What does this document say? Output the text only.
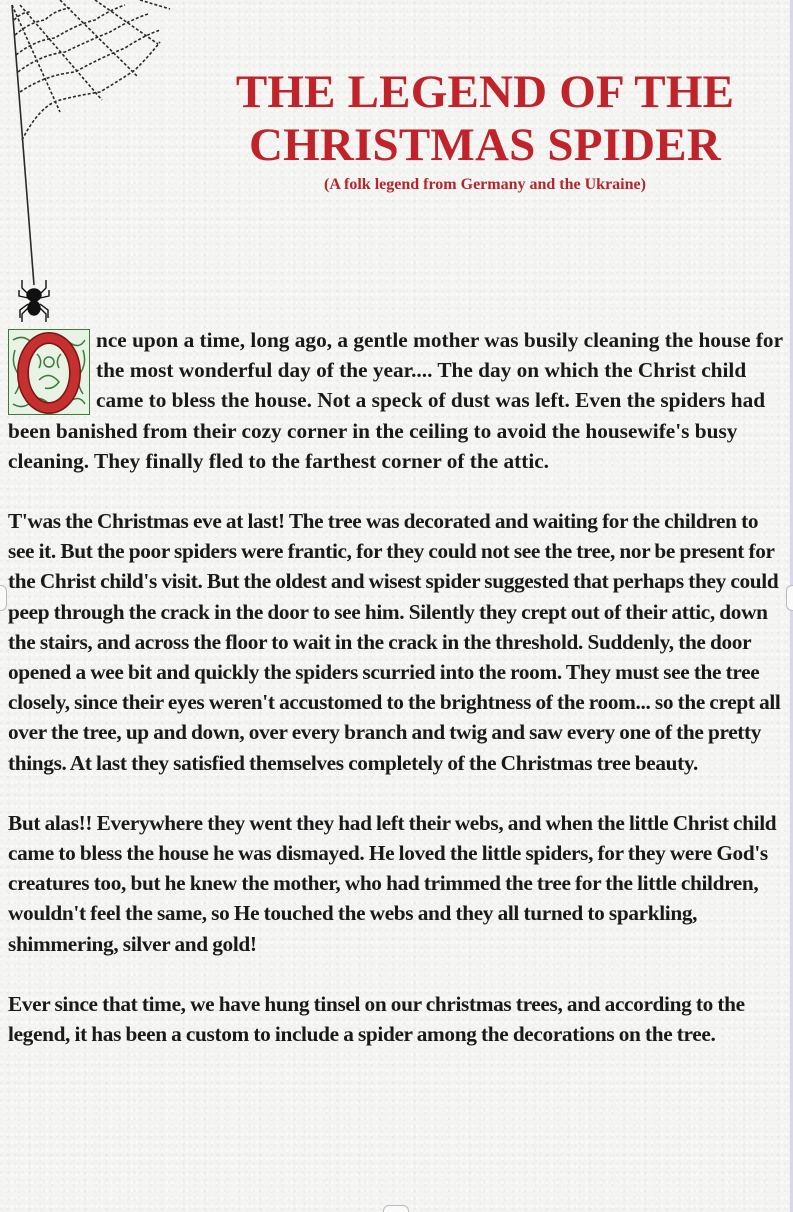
THE LEGEND OF THE
CHRISTMAS SPIDER
(A folk legend from Germany and the Ukraine)

nce upon a time, long ago, a gentle mother was busily cleaning the house for the most wonderful day of the year.... The day on which the Christ child came to bless the house. Not a speck of dust was left. Even the spiders had been banished from their cozy corner in the ceiling to avoid the housewife's busy cleaning. They finally fled to the farthest corner of the attic.

T'was the Christmas eve at last! The tree was decorated and waiting for the children to see it. But the poor spiders were frantic, for they could not see the tree, nor be present for the Christ child's visit. But the oldest and wisest spider suggested that perhaps they could peep through the crack in the door to see him. Silently they crept out of their attic, down the stairs, and across the floor to wait in the crack in the threshold. Suddenly, the door opened a wee bit and quickly the spiders scurried into the room. They must see the tree closely, since their eyes weren't accustomed to the brightness of the room... so the crept all over the tree, up and down, over every branch and twig and saw every one of the pretty things. At last they satisfied themselves completely of the Christmas tree beauty.

But alas!! Everywhere they went they had left their webs, and when the little Christ child came to bless the house he was dismayed. He loved the little spiders, for they were God's creatures too, but he knew the mother, who had trimmed the tree for the little children, wouldn't feel the same, so He touched the webs and they all turned to sparkling, shimmering, silver and gold!

Ever since that time, we have hung tinsel on our christmas trees, and according to the legend, it has been a custom to include a spider among the decorations on the tree.
